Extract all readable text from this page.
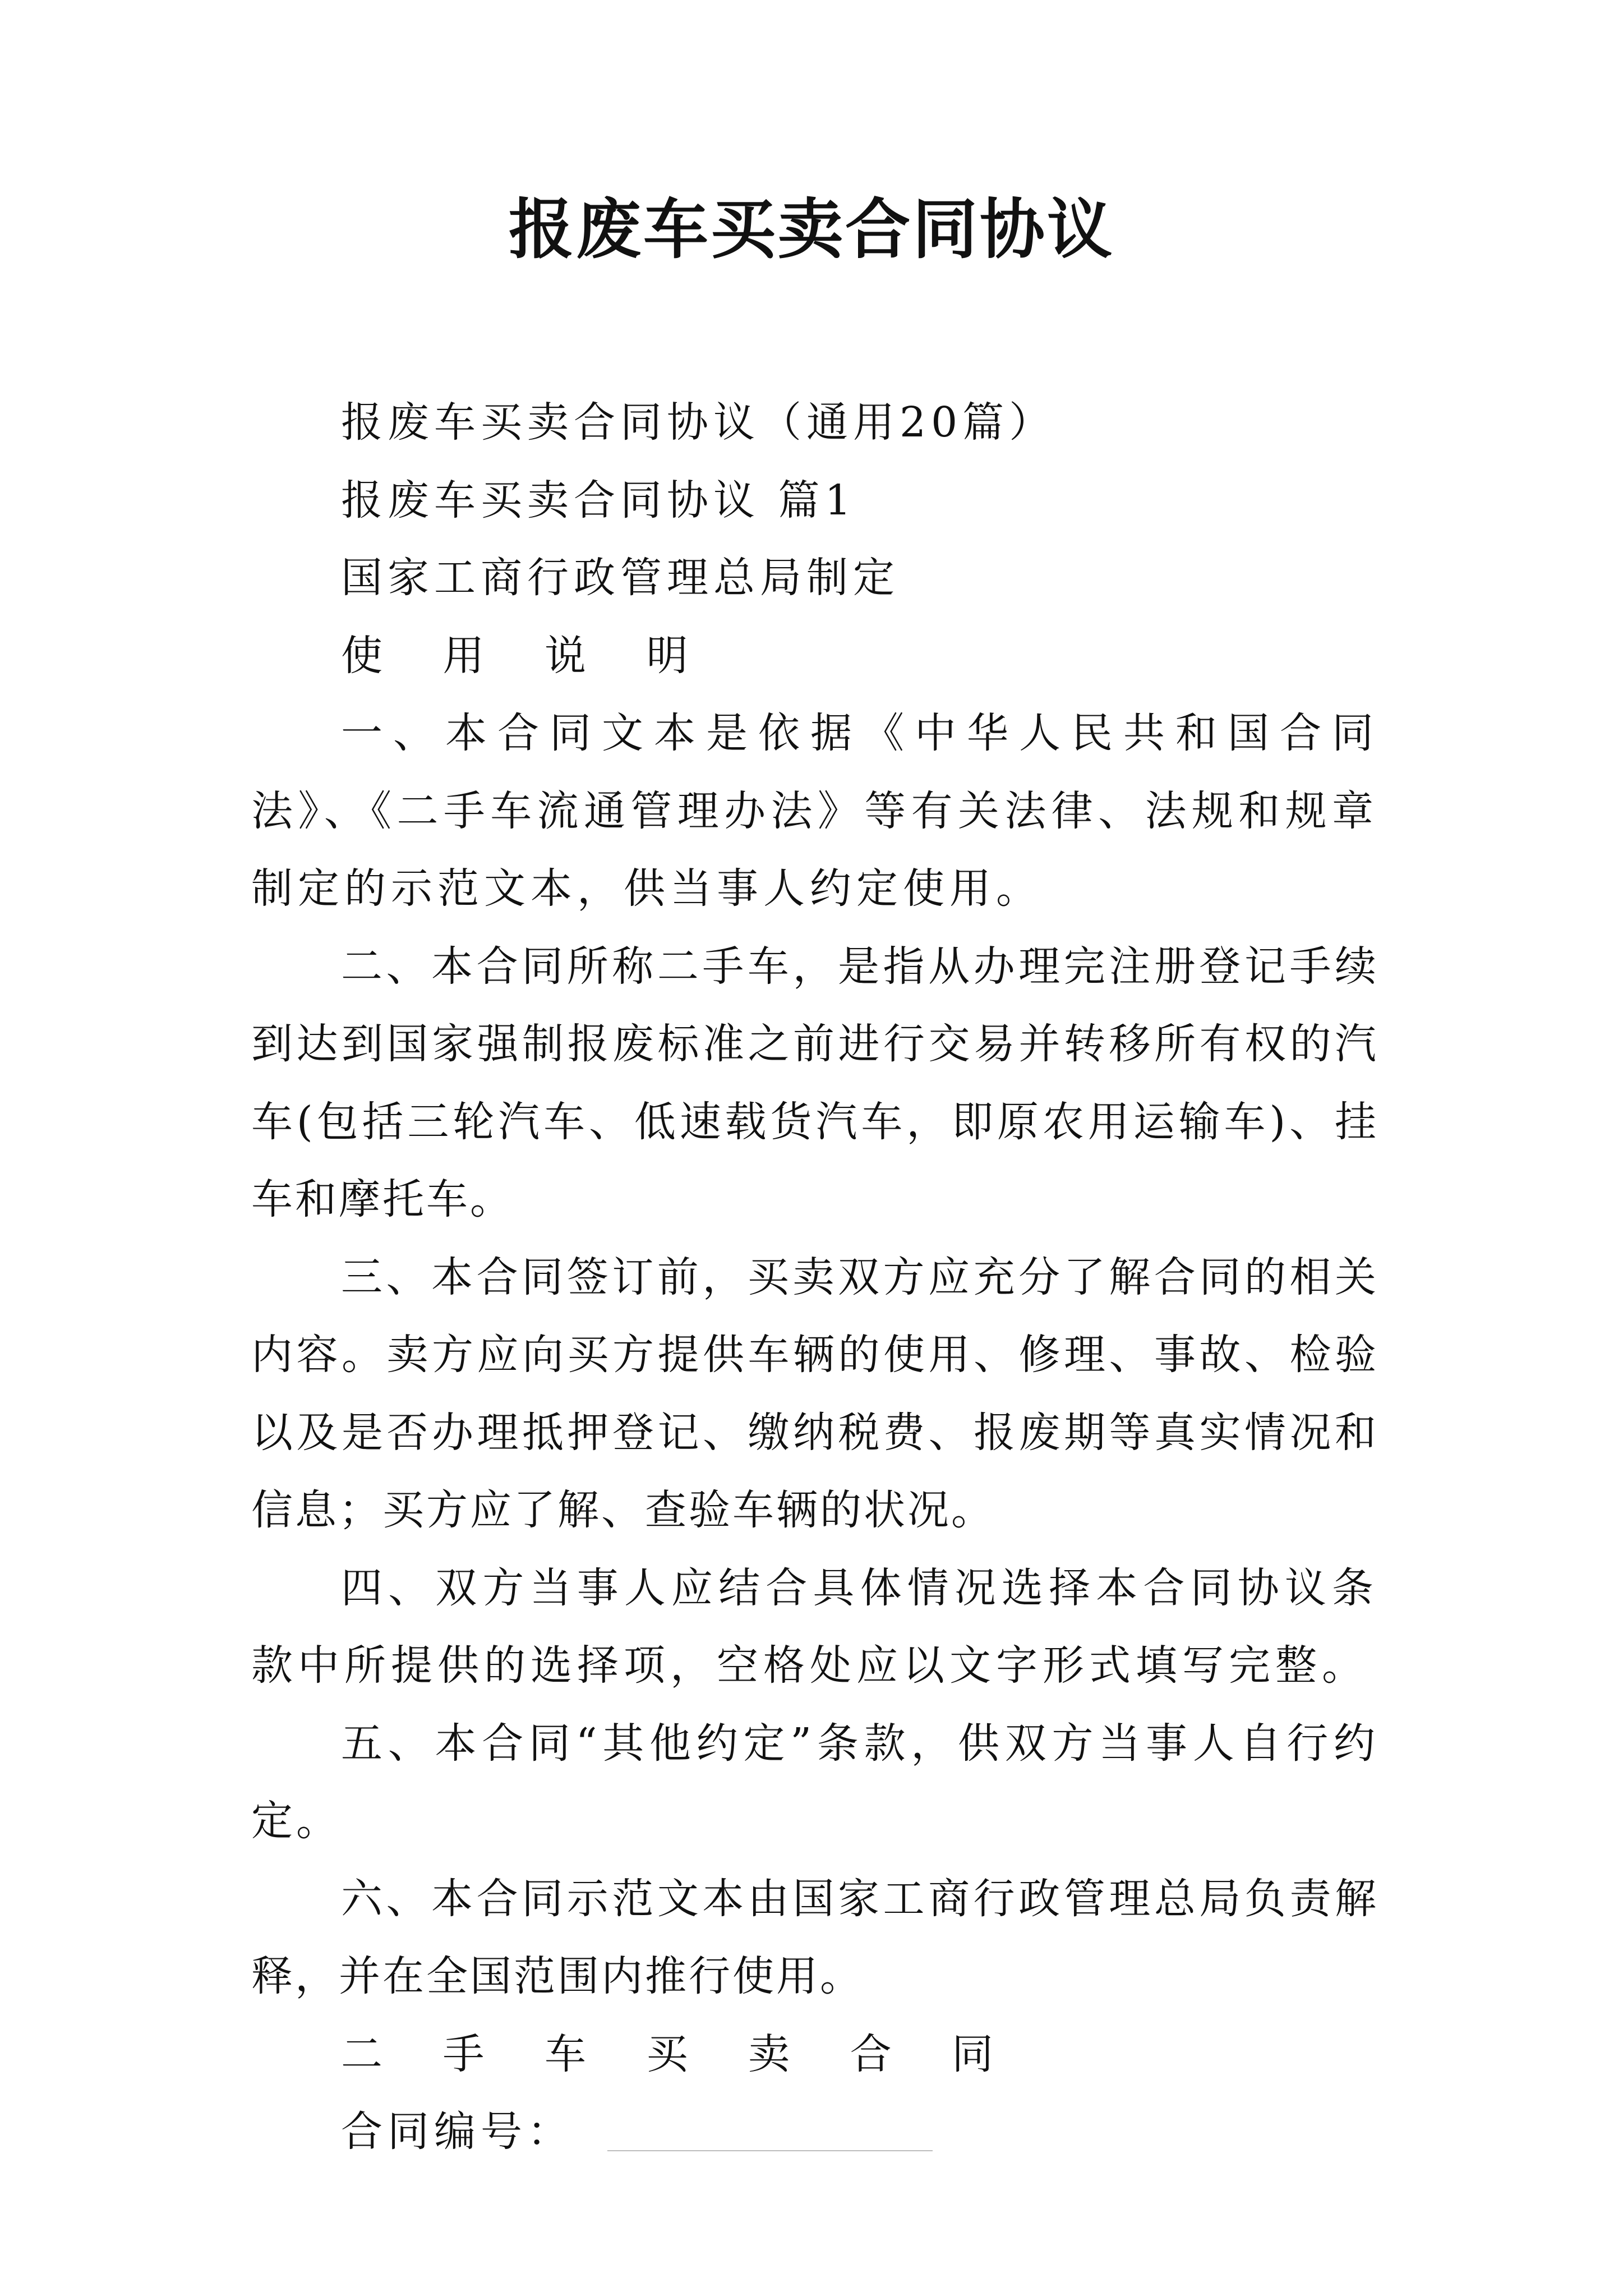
报废车买卖合同协议

报废车买卖合同协议（通用20篇）

报废车买卖合同协议 篇1

国家工商行政管理总局制定

使 用 说 明

一、本合同文本是依据《中华人民共和国合同法》、《二手车流通管理办法》等有关法律、法规和规章制定的示范文本，供当事人约定使用。

二、本合同所称二手车，是指从办理完注册登记手续到达到国家强制报废标准之前进行交易并转移所有权的汽车(包括三轮汽车、低速载货汽车，即原农用运输车)、挂车和摩托车。

三、本合同签订前，买卖双方应充分了解合同的相关内容。卖方应向买方提供车辆的使用、修理、事故、检验以及是否办理抵押登记、缴纳税费、报废期等真实情况和信息；买方应了解、查验车辆的状况。

四、双方当事人应结合具体情况选择本合同协议条款中所提供的选择项，空格处应以文字形式填写完整。

五、本合同“其他约定”条款，供双方当事人自行约定。

六、本合同示范文本由国家工商行政管理总局负责解释，并在全国范围内推行使用。

二 手 车 买 卖 合 同

合同编号：
